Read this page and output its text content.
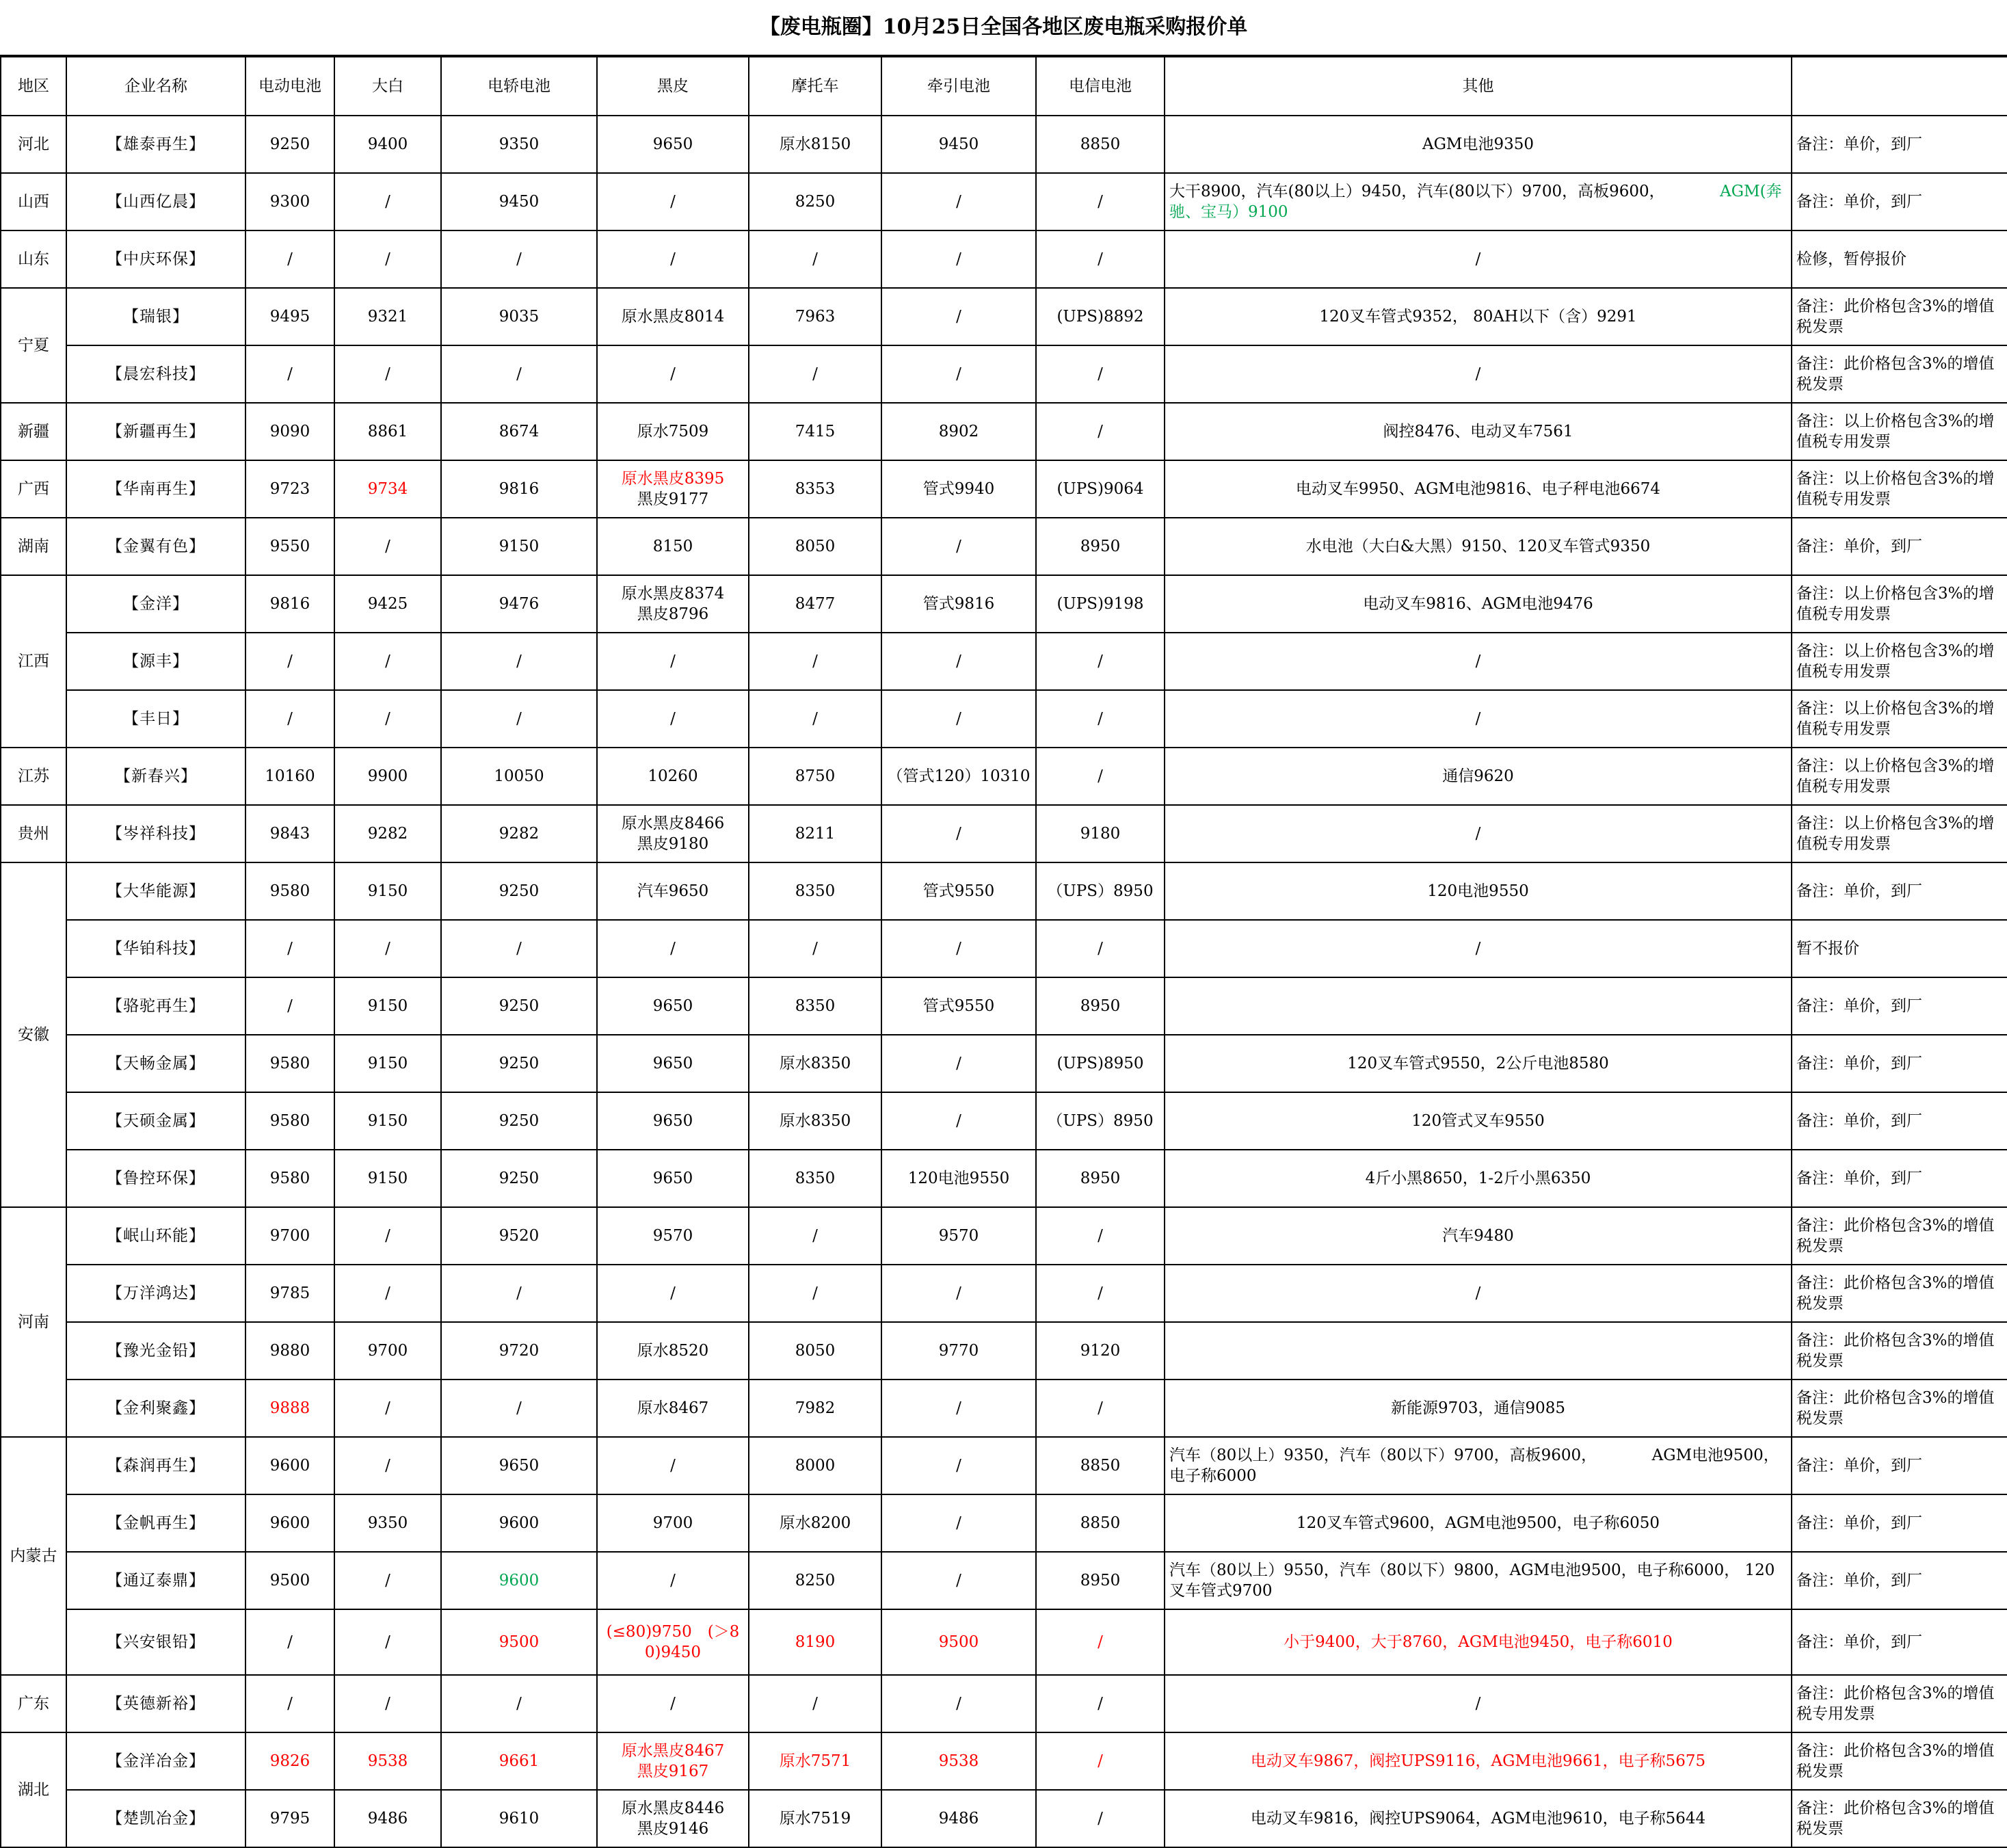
【废电瓶圈】10月25日全国各地区废电瓶采购报价单
地区	企业名称	电动电池	大白	电轿电池	黑皮	摩托车	牵引电池	电信电池	其他	
河北	【雄泰再生】	9250	9400	9350	9650	原水8150	9450	8850	AGM电池9350	备注：单价，到厂
山西	【山西亿晨】	9300	/	9450	/	8250	/	/	大干8900，汽车(80以上）9450，汽车(80以下）9700，高板9600，　　　　 AGM(奔驰、宝马）9100	备注：单价，到厂
山东	【中庆环保】	/	/	/	/	/	/	/	/	检修，暂停报价
宁夏	【瑞银】	9495	9321	9035	原水黑皮8014	7963	/	(UPS)8892	120叉车管式9352， 80AH以下（含）9291	备注：此价格包含3%的增值税发票
	【晨宏科技】	/	/	/	/	/	/	/	/	备注：此价格包含3%的增值税发票
新疆	【新疆再生】	9090	8861	8674	原水7509	7415	8902	/	阀控8476、电动叉车7561	备注：以上价格包含3%的增值税专用发票
广西	【华南再生】	9723	9734	9816	原水黑皮8395　　黑皮9177	8353	管式9940	(UPS)9064	电动叉车9950、AGM电池9816、电子秤电池6674	备注：以上价格包含3%的增值税专用发票
湖南	【金翼有色】	9550	/	9150	8150	8050	/	8950	水电池（大白&大黑）9150、120叉车管式9350	备注：单价，到厂
江西	【金洋】	9816	9425	9476	原水黑皮8374　　黑皮8796	8477	管式9816	(UPS)9198	电动叉车9816、AGM电池9476	备注：以上价格包含3%的增值税专用发票
	【源丰】	/	/	/	/	/	/	/	/	备注：以上价格包含3%的增值税专用发票
	【丰日】	/	/	/	/	/	/	/	/	备注：以上价格包含3%的增值税专用发票
江苏	【新春兴】	10160	9900	10050	10260	8750	（管式120）10310	/	通信9620	备注：以上价格包含3%的增值税专用发票
贵州	【岑祥科技】	9843	9282	9282	原水黑皮8466　　黑皮9180	8211	/	9180	/	备注：以上价格包含3%的增值税专用发票
安徽	【大华能源】	9580	9150	9250	汽车9650	8350	管式9550	（UPS）8950	120电池9550	备注：单价，到厂
	【华铂科技】	/	/	/	/	/	/	/	/	暂不报价
	【骆驼再生】	/	9150	9250	9650	8350	管式9550	8950		备注：单价，到厂
	【天畅金属】	9580	9150	9250	9650	原水8350	/	(UPS)8950	120叉车管式9550，2公斤电池8580	备注：单价，到厂
	【天硕金属】	9580	9150	9250	9650	原水8350	/	（UPS）8950	120管式叉车9550	备注：单价，到厂
	【鲁控环保】	9580	9150	9250	9650	8350	120电池9550	8950	4斤小黑8650，1-2斤小黑6350	备注：单价，到厂
河南	【岷山环能】	9700	/	9520	9570	/	9570	/	汽车9480	备注：此价格包含3%的增值税发票
	【万洋鸿达】	9785	/	/	/	/	/	/	/	备注：此价格包含3%的增值税发票
	【豫光金铅】	9880	9700	9720	原水8520	8050	9770	9120		备注：此价格包含3%的增值税发票
	【金利聚鑫】	9888	/	/	原水8467	7982	/	/	新能源9703，通信9085	备注：此价格包含3%的增值税发票
内蒙古	【森润再生】	9600	/	9650	/	8000	/	8850	汽车（80以上）9350，汽车（80以下）9700，高板9600，　　　　 AGM电池9500，电子称6000	备注：单价，到厂
	【金帆再生】	9600	9350	9600	9700	原水8200	/	8850	120叉车管式9600，AGM电池9500，电子称6050	备注：单价，到厂
	【通辽泰鼎】	9500	/	9600	/	8250	/	8950	汽车（80以上）9550，汽车（80以下）9800，AGM电池9500，电子称6000， 120叉车管式9700	备注：单价，到厂
	【兴安银铅】	/	/	9500	(≤80)9750　(＞80)9450	8190	9500	/	小于9400，大于8760，AGM电池9450，电子称6010	备注：单价，到厂
广东	【英德新裕】	/	/	/	/	/	/	/	/	备注：此价格包含3%的增值税专用发票
湖北	【金洋冶金】	9826	9538	9661	原水黑皮8467　　黑皮9167	原水7571	9538	/	电动叉车9867，阀控UPS9116，AGM电池9661，电子称5675	备注：此价格包含3%的增值税发票
	【楚凯冶金】	9795	9486	9610	原水黑皮8446　　黑皮9146	原水7519	9486	/	电动叉车9816，阀控UPS9064，AGM电池9610，电子称5644	备注：此价格包含3%的增值税发票
